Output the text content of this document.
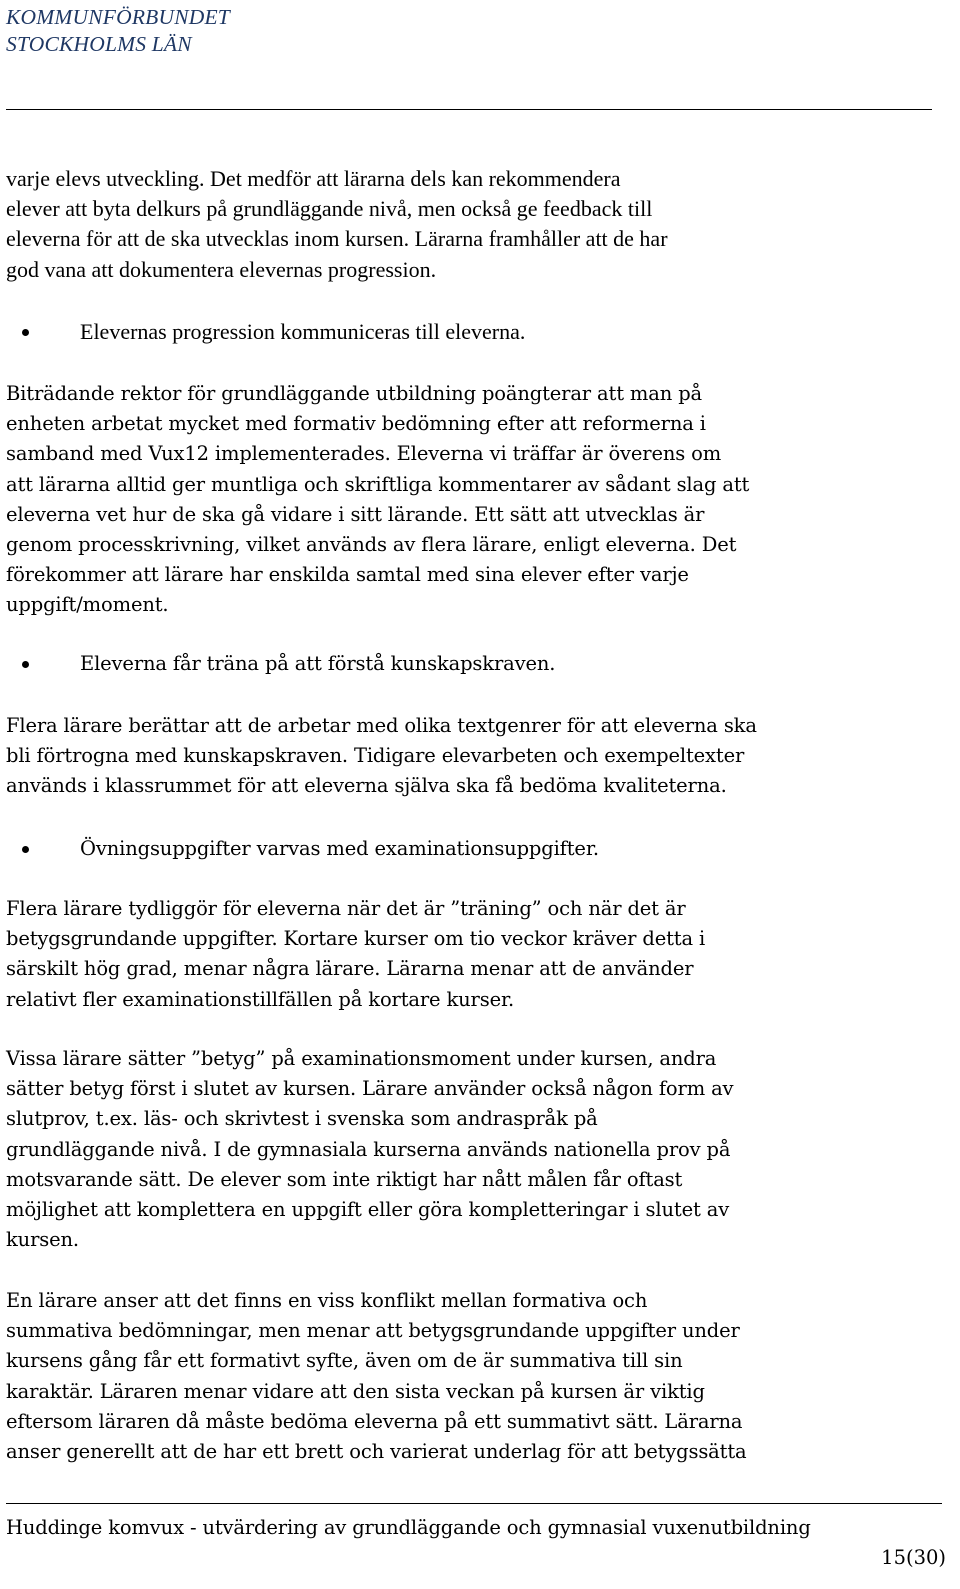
KOMMUNFÖRBUNDET
STOCKHOLMS LÄN
varje elevs utveckling. Det medför att lärarna dels kan rekommendera
elever att byta delkurs på grundläggande nivå, men också ge feedback till
eleverna för att de ska utvecklas inom kursen. Lärarna framhåller att de har
god vana att dokumentera elevernas progression.
Elevernas progression kommuniceras till eleverna.
Biträdande rektor för grundläggande utbildning poängterar att man på
enheten arbetat mycket med formativ bedömning efter att reformerna i
samband med Vux12 implementerades. Eleverna vi träffar är överens om
att lärarna alltid ger muntliga och skriftliga kommentarer av sådant slag att
eleverna vet hur de ska gå vidare i sitt lärande. Ett sätt att utvecklas är
genom processkrivning, vilket används av flera lärare, enligt eleverna. Det
förekommer att lärare har enskilda samtal med sina elever efter varje
uppgift/moment.
Eleverna får träna på att förstå kunskapskraven.
Flera lärare berättar att de arbetar med olika textgenrer för att eleverna ska
bli förtrogna med kunskapskraven. Tidigare elevarbeten och exempeltexter
används i klassrummet för att eleverna själva ska få bedöma kvaliteterna.
Övningsuppgifter varvas med examinationsuppgifter.
Flera lärare tydliggör för eleverna när det är ”träning” och när det är
betygsgrundande uppgifter. Kortare kurser om tio veckor kräver detta i
särskilt hög grad, menar några lärare. Lärarna menar att de använder
relativt fler examinationstillfällen på kortare kurser.
Vissa lärare sätter ”betyg” på examinationsmoment under kursen, andra
sätter betyg först i slutet av kursen. Lärare använder också någon form av
slutprov, t.ex. läs- och skrivtest i svenska som andraspråk på
grundläggande nivå. I de gymnasiala kurserna används nationella prov på
motsvarande sätt. De elever som inte riktigt har nått målen får oftast
möjlighet att komplettera en uppgift eller göra kompletteringar i slutet av
kursen.
En lärare anser att det finns en viss konflikt mellan formativa och
summativa bedömningar, men menar att betygsgrundande uppgifter under
kursens gång får ett formativt syfte, även om de är summativa till sin
karaktär. Läraren menar vidare att den sista veckan på kursen är viktig
eftersom läraren då måste bedöma eleverna på ett summativt sätt. Lärarna
anser generellt att de har ett brett och varierat underlag för att betygssätta
Huddinge komvux - utvärdering av grundläggande och gymnasial vuxenutbildning
15(30)
